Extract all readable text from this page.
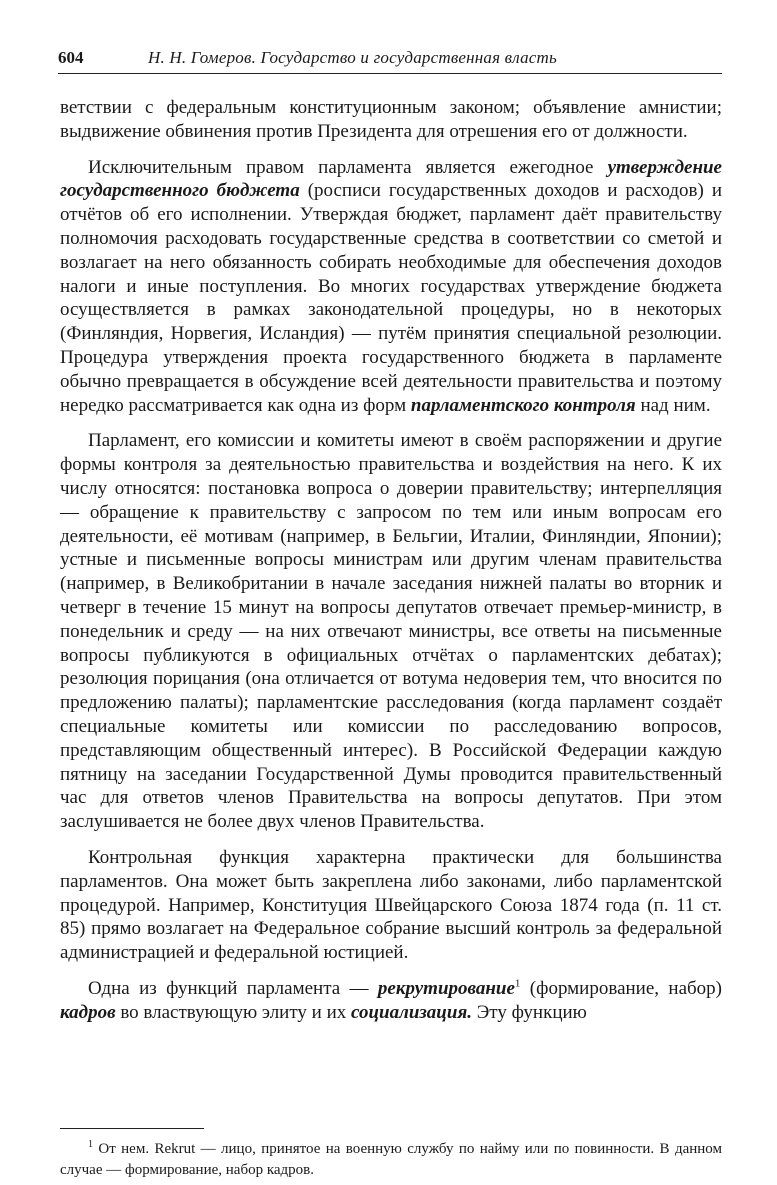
604	Н. Н. Гомеров. Государство и государственная власть

ветствии с федеральным конституционным законом; объявление амнистии; выдвижение обвинения против Президента для отрешения его от должности.

Исключительным правом парламента является ежегодное утверждение государственного бюджета (росписи государственных доходов и расходов) и отчётов об его исполнении. Утверждая бюджет, парламент даёт правительству полномочия расходовать государственные средства в соответствии со сметой и возлагает на него обязанность собирать необходимые для обеспечения доходов налоги и иные поступления. Во многих государствах утверждение бюджета осуществляется в рамках законодательной процедуры, но в некоторых (Финляндия, Норвегия, Исландия) — путём принятия специальной резолюции. Процедура утверждения проекта государственного бюджета в парламенте обычно превращается в обсуждение всей деятельности правительства и поэтому нередко рассматривается как одна из форм парламентского контроля над ним.

Парламент, его комиссии и комитеты имеют в своём распоряжении и другие формы контроля за деятельностью правительства и воздействия на него. К их числу относятся: постановка вопроса о доверии правительству; интерпелляция — обращение к правительству с запросом по тем или иным вопросам его деятельности, её мотивам (например, в Бельгии, Италии, Финляндии, Японии); устные и письменные вопросы министрам или другим членам правительства (например, в Великобритании в начале заседания нижней палаты во вторник и четверг в течение 15 минут на вопросы депутатов отвечает премьер-министр, в понедельник и среду — на них отвечают министры, все ответы на письменные вопросы публикуются в официальных отчётах о парламентских дебатах); резолюция порицания (она отличается от вотума недоверия тем, что вносится по предложению палаты); парламентские расследования (когда парламент создаёт специальные комитеты или комиссии по расследованию вопросов, представляющим общественный интерес). В Российской Федерации каждую пятницу на заседании Государственной Думы проводится правительственный час для ответов членов Правительства на вопросы депутатов. При этом заслушивается не более двух членов Правительства.

Контрольная функция характерна практически для большинства парламентов. Она может быть закреплена либо законами, либо парламентской процедурой. Например, Конституция Швейцарского Союза 1874 года (п. 11 ст. 85) прямо возлагает на Федеральное собрание высший контроль за федеральной администрацией и федеральной юстицией.

Одна из функций парламента — рекрутирование$^1$ (формирование, набор) кадров во властвующую элиту и их социализация. Эту функцию

$^1$ От нем. Rekrut — лицо, принятое на военную службу по найму или по повинности. В данном случае — формирование, набор кадров.
